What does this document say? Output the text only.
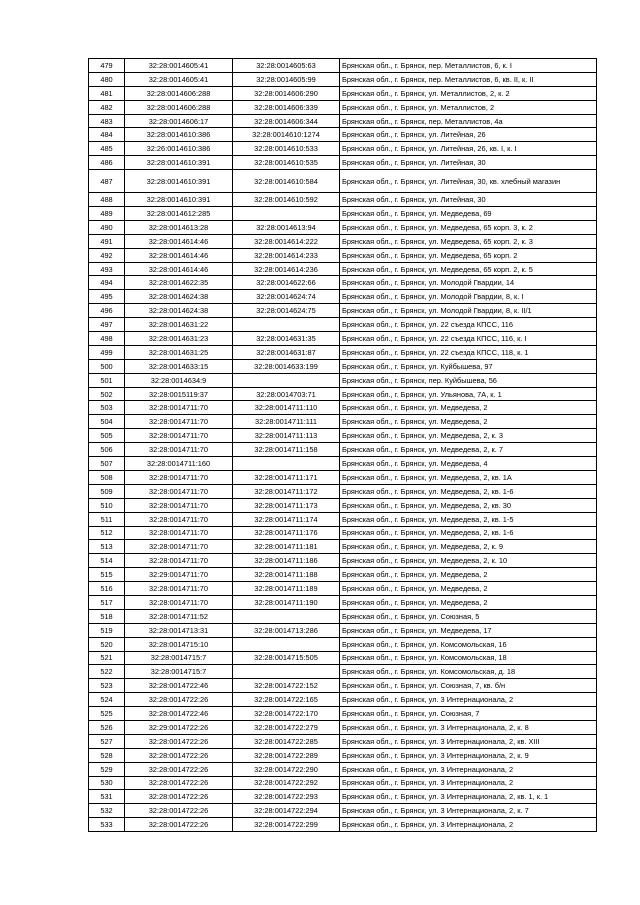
479	32:28:0014605:41	32:28:0014605:63	Брянская обл., г. Брянск, пер. Металлистов, 6, к. I
480	32:28:0014605:41	32:28:0014605:99	Брянская обл., г. Брянск, пер. Металлистов, 6, кв. II, к. II
481	32:28:0014606:288	32:28:0014606:290	Брянская обл., г. Брянск, ул. Металлистов, 2, к. 2
482	32:28:0014606:288	32:28:0014606:339	Брянская обл., г. Брянск, ул. Металлистов, 2
483	32:28:0014606:17	32:28:0014606:344	Брянская обл., г. Брянск, пер. Металлистов, 4а
484	32:28:0014610:386	32:28:0014610:1274	Брянская обл., г. Брянск, ул. Литейная, 26
485	32:26:0014610:386	32:28:0014610:533	Брянская обл., г. Брянск, ул. Литейная, 26, кв. I, к. I
486	32:28:0014610:391	32:28:0014610:535	Брянская обл., г. Брянск, ул. Литейная, 30
487	32:28:0014610:391	32:28:0014610:584	Брянская обл., г. Брянск, ул. Литейная, 30, кв. хлебный магазин
488	32:28:0014610:391	32:28:0014610:592	Брянская обл., г. Брянск, ул. Литейная, 30
489	32:28:0014612:285		Брянская обл., г. Брянск, ул. Медведева, 69
490	32:28:0014613:28	32:28:0014613:94	Брянская обл., г. Брянск, ул. Медведева, 65 корп. 3, к. 2
491	32:28:0014614:46	32:28:0014614:222	Брянская обл., г. Брянск, ул. Медведева, 65 корп. 2, к. 3
492	32:28:0014614:46	32:28:0014614:233	Брянская обл., г. Брянск, ул. Медведева, 65 корп. 2
493	32:28:0014614:46	32:28:0014614:236	Брянская обл., г. Брянск, ул. Медведева, 65 корп. 2, к. 5
494	32:28:0014622:35	32:28:0014622:66	Брянская обл., г. Брянск, ул. Молодой Гвардии, 14
495	32:28:0014624:38	32:28:0014624:74	Брянская обл., г. Брянск, ул. Молодой Гвардии, 8, к. I
496	32:28:0014624:38	32:28:0014624:75	Брянская обл., г. Брянск, ул. Молодой Гвардии, 8, к. II/1
497	32:28:0014631:22		Брянская обл., г. Брянск, ул. 22 съезда КПСС, 116
498	32:28:0014631:23	32:28:0014631:35	Брянская обл., г. Брянск, ул. 22 съезда КПСС, 116, к. I
499	32:28:0014631:25	32:28:0014631:87	Брянская обл., г. Брянск, ул. 22 съезда КПСС, 118, к. 1
500	32:28:0014633:15	32:28:0014633:199	Брянская обл., г. Брянск, ул. Куйбышева, 97
501	32:28:0014634:9		Брянская обл., г. Брянск, пер. Куйбышева, 56
502	32:28:0015119:37	32:28:0014703:71	Брянская обл., г. Брянск, ул. Ульянова, 7А, к. 1
503	32:28:0014711:70	32:28:0014711:110	Брянская обл., г. Брянск, ул. Медведева, 2
504	32:28:0014711:70	32:28:0014711:111	Брянская обл., г. Брянск, ул. Медведева, 2
505	32:28:0014711:70	32:28:0014711:113	Брянская обл., г. Брянск, ул. Медведева, 2, к. 3
506	32:28:0014711:70	32:28:0014711:158	Брянская обл., г. Брянск, ул. Медведева, 2, к. 7
507	32:28:0014711:160		Брянская обл., г. Брянск, ул. Медведева, 4
508	32:28:0014711:70	32:28:0014711:171	Брянская обл., г. Брянск, ул. Медведева, 2, кв. 1А
509	32:28:0014711:70	32:28:0014711:172	Брянская обл., г. Брянск, ул. Медведева, 2, кв. 1-6
510	32:28:0014711:70	32:28:0014711:173	Брянская обл., г. Брянск, ул. Медведева, 2, кв. 30
511	32:28:0014711:70	32:28:0014711:174	Брянская обл., г. Брянск, ул. Медведева, 2, кв. 1-5
512	32:28:0014711:70	32:28:0014711:176	Брянская обл., г. Брянск, ул. Медведева, 2, кв. 1-6
513	32:28:0014711:70	32:28:0014711:181	Брянская обл., г. Брянск, ул. Медведева, 2, к. 9
514	32:28:0014711:70	32:28:0014711:186	Брянская обл., г. Брянск, ул. Медведева, 2, к. 10
515	32:29:0014711:70	32:28:0014711:188	Брянская обл., г. Брянск, ул. Медведева, 2
516	32:28:0014711:70	32:28:0014711:189	Брянская обл., г. Брянск, ул. Медведева, 2
517	32:28:0014711:70	32:28:0014711:190	Брянская обл., г. Брянск, ул. Медведева, 2
518	32:28:0014711:52		Брянская обл., г. Брянск, ул. Союзная, 5
519	32:28:0014713:31	32:28:0014713:286	Брянская обл., г. Брянск, ул. Медведева, 17
520	32:28:0014715:10		Брянская обл., г. Брянск, ул. Комсомольская, 16
521	32:28:0014715:7	32:28:0014715:505	Брянская обл., г. Брянск, ул. Комсомольская, 18
522	32:28:0014715:7		Брянская обл., г. Брянск, ул. Комсомольская, д. 18
523	32:28:0014722:46	32:28:0014722:152	Брянская обл., г. Брянск, ул. Союзная, 7, кв. б/н
524	32:28:0014722:26	32:28:0014722:165	Брянская обл., г. Брянск, ул. 3 Интернационала, 2
525	32:28:0014722:46	32:28:0014722:170	Брянская обл., г. Брянск, ул. Союзная, 7
526	32:29:0014722:26	32:28:0014722:279	Брянская обл., г. Брянск, ул. 3 Интернационала, 2, к. 8
527	32:28:0014722:26	32:28:0014722:285	Брянская обл., г. Брянск, ул. 3 Интернационала, 2, кв. XIII
528	32:28:0014722:26	32:28:0014722:289	Брянская обл., г. Брянск, ул. 3 Интернационала, 2, к. 9
529	32:28:0014722:26	32:28:0014722:290	Брянская обл., г. Брянск, ул. 3 Интернационала, 2
530	32:28:0014722:26	32:28:0014722:292	Брянская обл., г. Брянск, ул. 3 Интернационала, 2
531	32:28:0014722:26	32:28:0014722:293	Брянская обл., г. Брянск, ул. 3 Интернационала, 2, кв. 1, к. 1
532	32:28:0014722:26	32:28:0014722:294	Брянская обл., г. Брянск, ул. 3 Интернационала, 2, к. 7
533	32:28:0014722:26	32:28:0014722:299	Брянская обл., г. Брянск, ул. 3 Интернационала, 2
